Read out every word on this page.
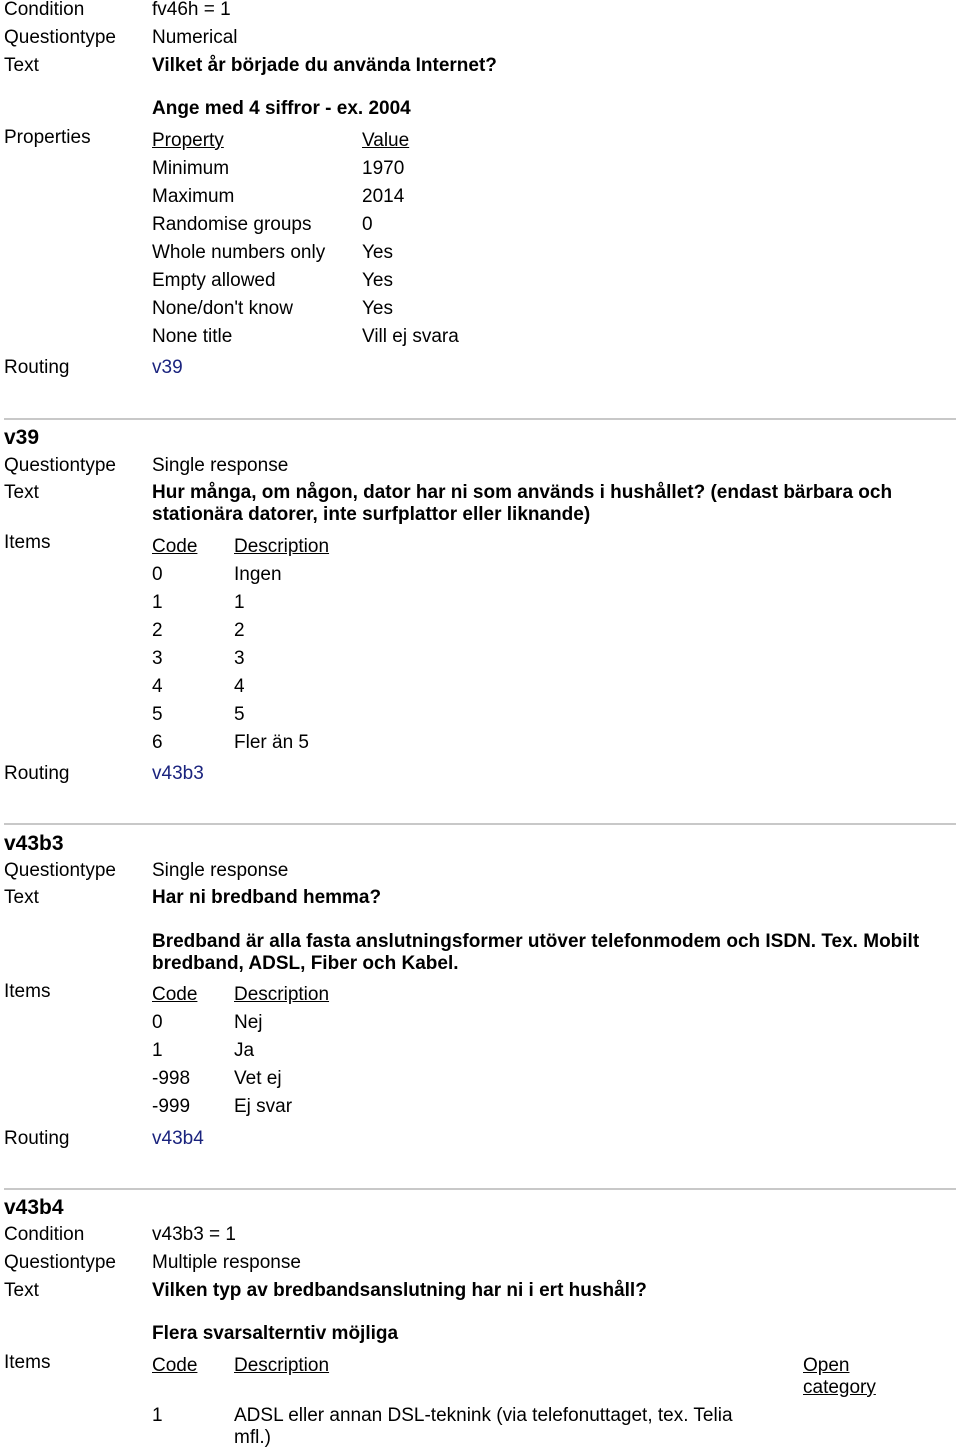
Condition	fv46h = 1
Questiontype Numerical
Text	Vilket år började du använda Internet?
Ange med 4 siffror - ex. 2004
Properties	Property	Value
Minimum	1970
Maximum	2014
Randomise groups	0
Whole numbers only Yes
Empty allowed	Yes
None/don't know	Yes
None title	Vill ej svara
Routing	v39
v39
Questiontype Single response
Text	Hur många, om någon, dator har ni som används i hushållet? (endast bärbara och
stationära datorer, inte surfplattor eller liknande)
Items	Code Description
0	Ingen
1	1
2	2
3	3
4	4
5	5
6	Fler än 5
Routing	v43b3
v43b3
Questiontype Single response
Text	Har ni bredband hemma?
Bredband är alla fasta anslutningsformer utöver telefonmodem och ISDN. Tex. Mobilt
bredband, ADSL, Fiber och Kabel.
Items	Code Description
0	Nej
1	Ja
-998 Vet ej
-999 Ej svar
Routing	v43b4
v43b4
Condition	v43b3 = 1
Questiontype Multiple response
Text	Vilken typ av bredbandsanslutning har ni i ert hushåll?
Flera svarsalterntiv möjliga
Items	Code Description	Open
category
1	ADSL eller annan DSL-teknink (via telefonuttaget, tex. Telia
mfl.)
